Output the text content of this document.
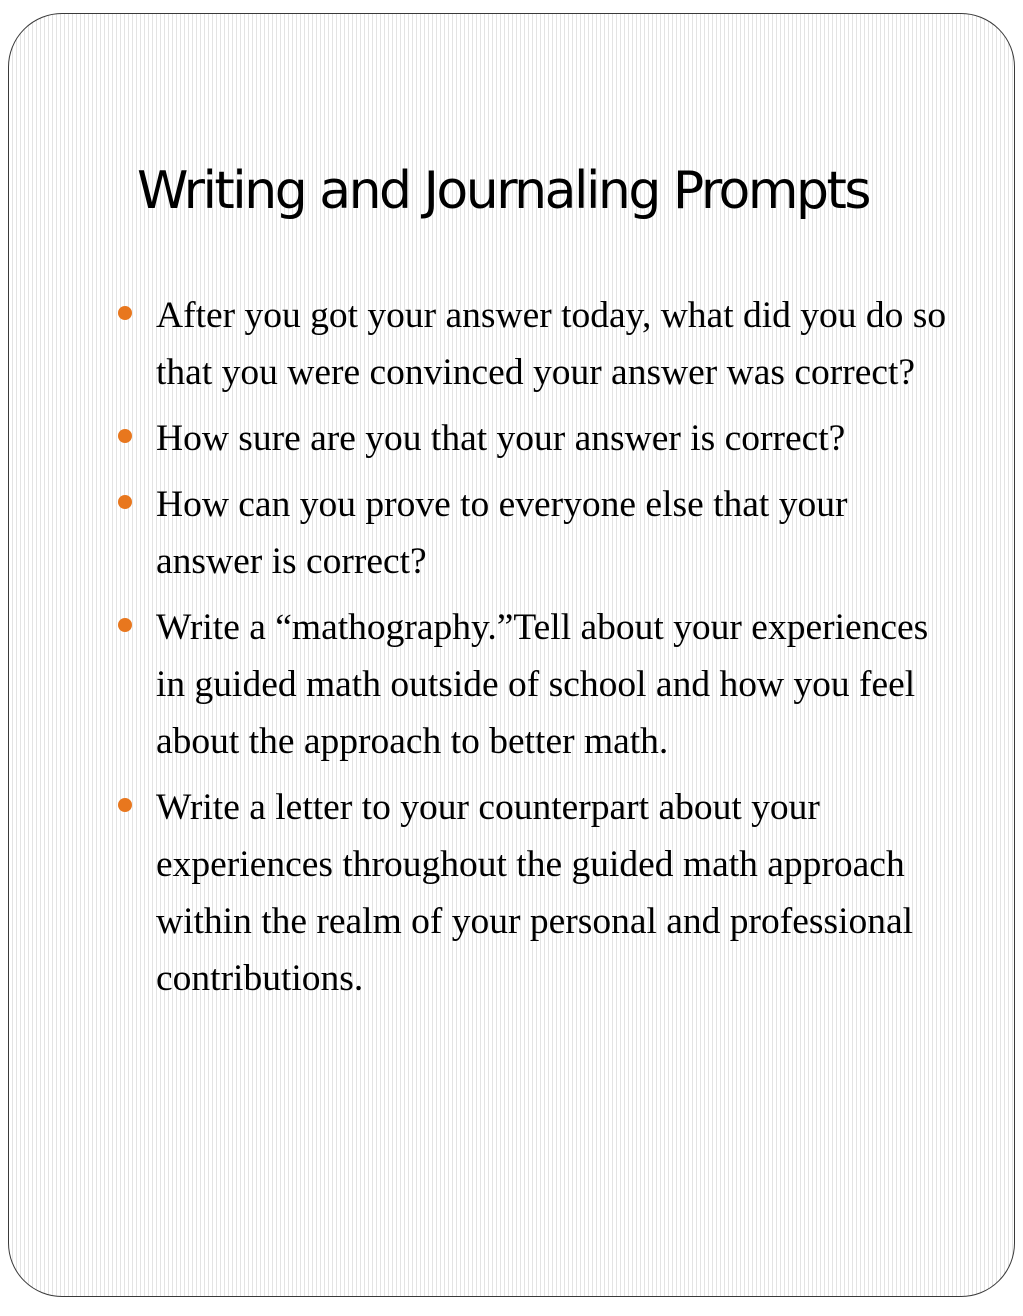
Writing and Journaling Prompts
After you got your answer today, what did you do so that you were convinced your answer was correct?
How sure are you that your answer is correct?
How can you prove to everyone else that your answer is correct?
Write a “mathography.”Tell about your experiences in guided math outside of school and how you feel about the approach to better math.
Write a letter to your counterpart about your experiences throughout the guided math approach within the realm of your personal and professional contributions.
